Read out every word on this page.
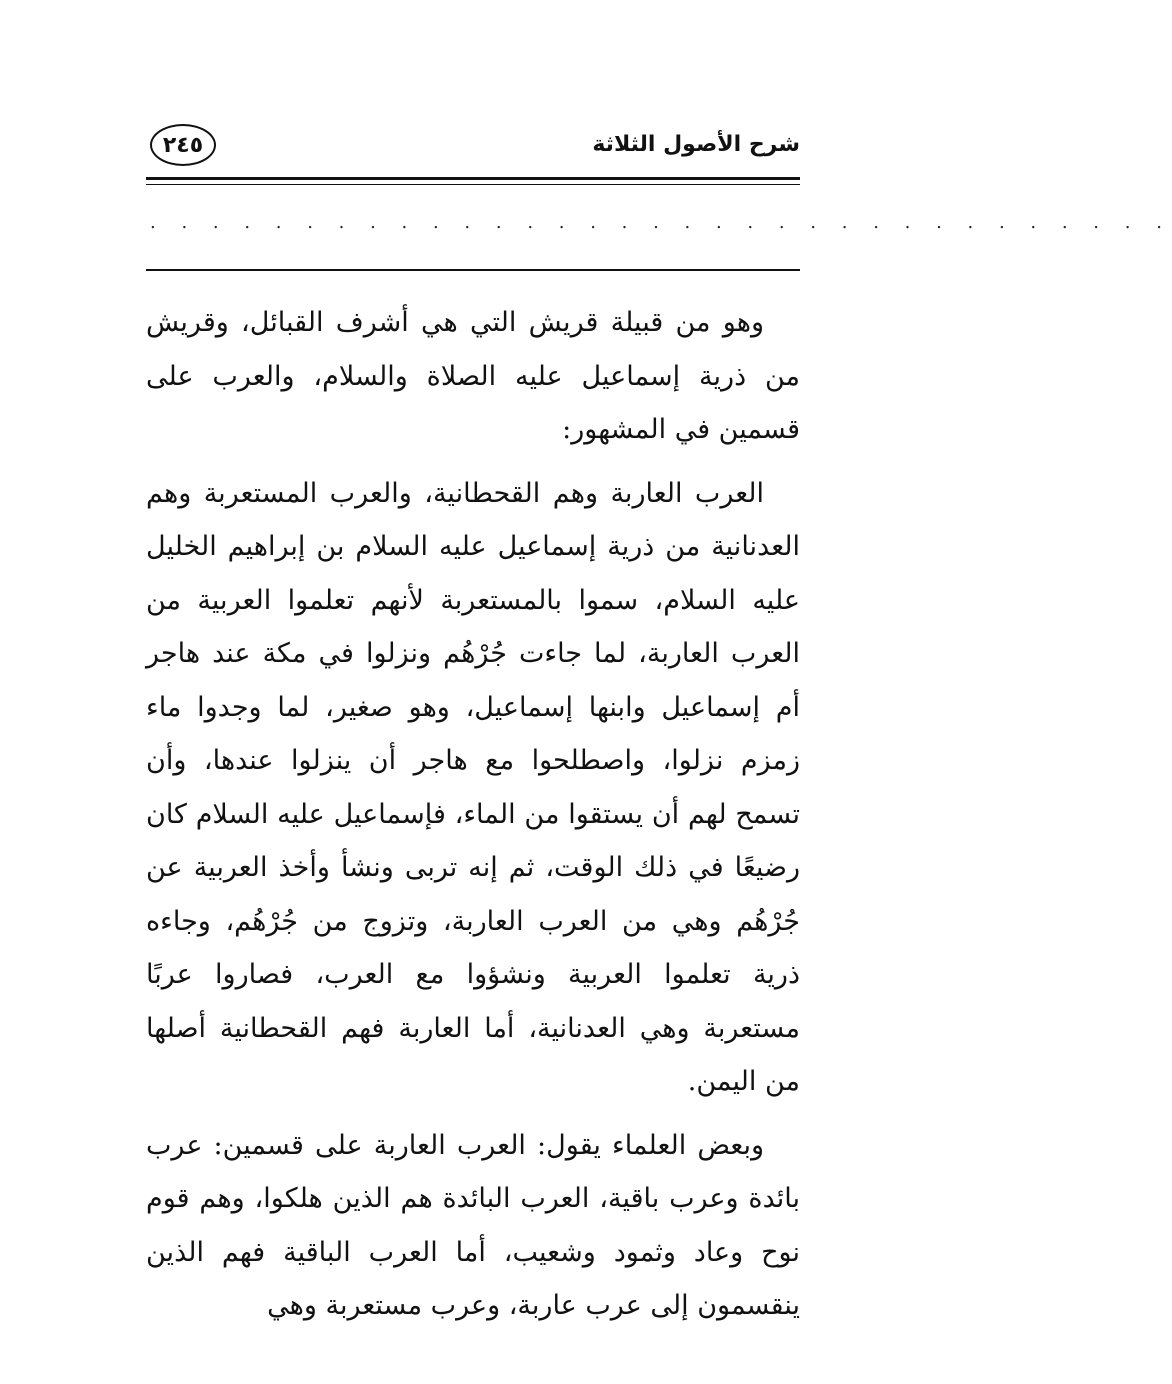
شرح الأصول الثلاثة
٢٤٥
. . . . . . . . . . . . . . . . . . . . . . . . . . . . . . . . .

وهو من قبيلة قريش التي هي أشرف القبائل، وقريش من ذرية إسماعيل عليه الصلاة والسلام، والعرب على قسمين في المشهور:

العرب العاربة وهم القحطانية، والعرب المستعربة وهم العدنانية من ذرية إسماعيل عليه السلام بن إبراهيم الخليل عليه السلام، سموا بالمستعربة لأنهم تعلموا العربية من العرب العاربة، لما جاءت جُرْهُم ونزلوا في مكة عند هاجر أم إسماعيل وابنها إسماعيل، وهو صغير، لما وجدوا ماء زمزم نزلوا، واصطلحوا مع هاجر أن ينزلوا عندها، وأن تسمح لهم أن يستقوا من الماء، فإسماعيل عليه السلام كان رضيعًا في ذلك الوقت، ثم إنه تربى ونشأ وأخذ العربية عن جُرْهُم وهي من العرب العاربة، وتزوج من جُرْهُم، وجاءه ذرية تعلموا العربية ونشؤوا مع العرب، فصاروا عربًا مستعربة وهي العدنانية، أما العاربة فهم القحطانية أصلها من اليمن.

وبعض العلماء يقول: العرب العاربة على قسمين: عرب بائدة وعرب باقية، العرب البائدة هم الذين هلكوا، وهم قوم نوح وعاد وثمود وشعيب، أما العرب الباقية فهم الذين ينقسمون إلى عرب عاربة، وعرب مستعربة وهي
